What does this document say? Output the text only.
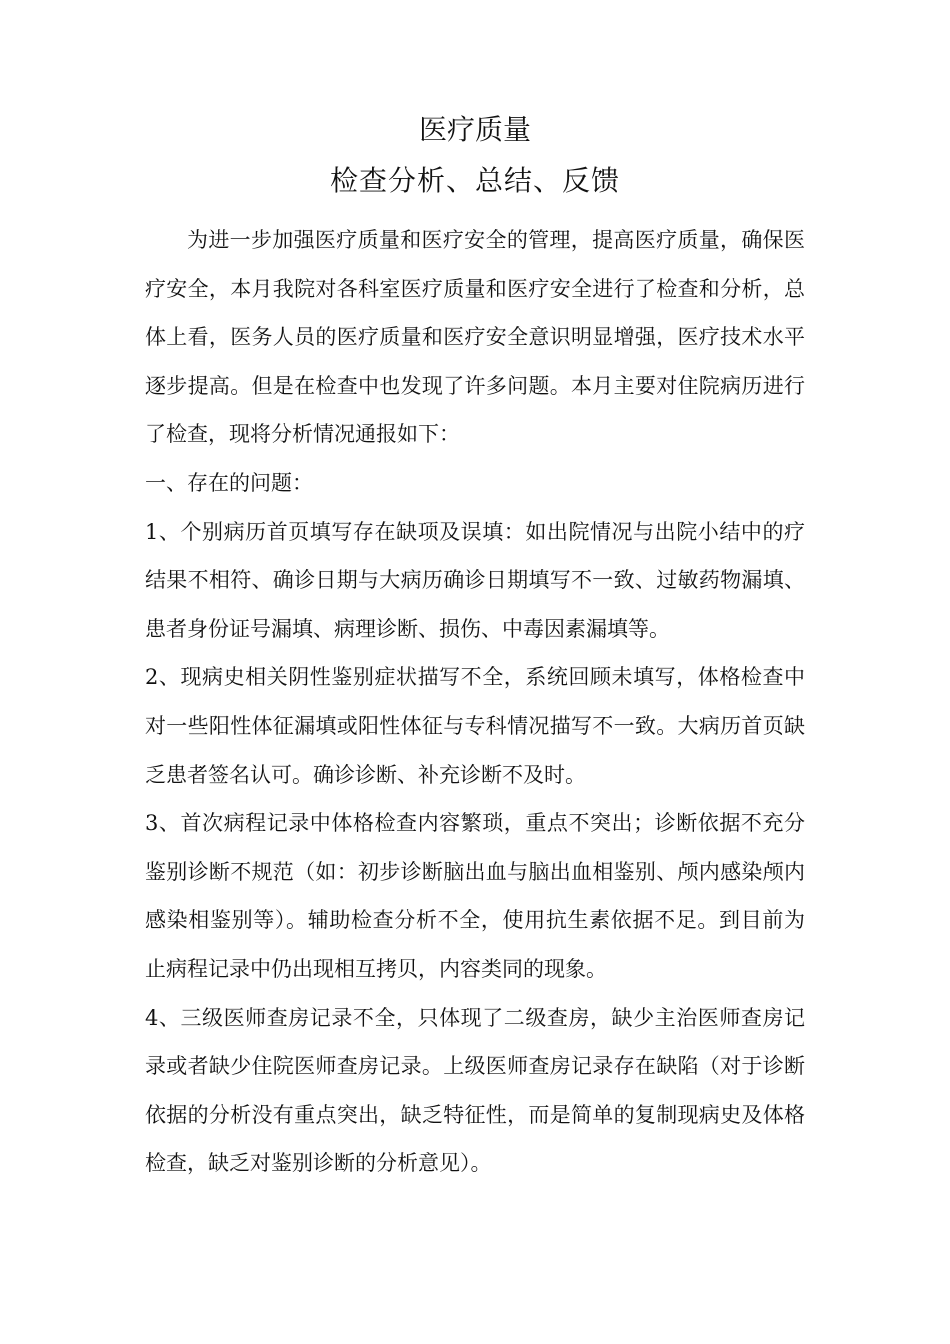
医疗质量
检查分析、总结、反馈

为进一步加强医疗质量和医疗安全的管理，提高医疗质量，确保医疗安全，本月我院对各科室医疗质量和医疗安全进行了检查和分析，总体上看，医务人员的医疗质量和医疗安全意识明显增强，医疗技术水平逐步提高。但是在检查中也发现了许多问题。本月主要对住院病历进行了检查，现将分析情况通报如下：

一、存在的问题：

1、个别病历首页填写存在缺项及误填：如出院情况与出院小结中的疗结果不相符、确诊日期与大病历确诊日期填写不一致、过敏药物漏填、患者身份证号漏填、病理诊断、损伤、中毒因素漏填等。

2、现病史相关阴性鉴别症状描写不全，系统回顾未填写，体格检查中对一些阳性体征漏填或阳性体征与专科情况描写不一致。大病历首页缺乏患者签名认可。确诊诊断、补充诊断不及时。

3、首次病程记录中体格检查内容繁琐，重点不突出；诊断依据不充分鉴别诊断不规范（如：初步诊断脑出血与脑出血相鉴别、颅内感染颅内感染相鉴别等）。辅助检查分析不全，使用抗生素依据不足。到目前为止病程记录中仍出现相互拷贝，内容类同的现象。

4、三级医师查房记录不全，只体现了二级查房，缺少主治医师查房记录或者缺少住院医师查房记录。上级医师查房记录存在缺陷（对于诊断依据的分析没有重点突出，缺乏特征性，而是简单的复制现病史及体格检查，缺乏对鉴别诊断的分析意见）。
